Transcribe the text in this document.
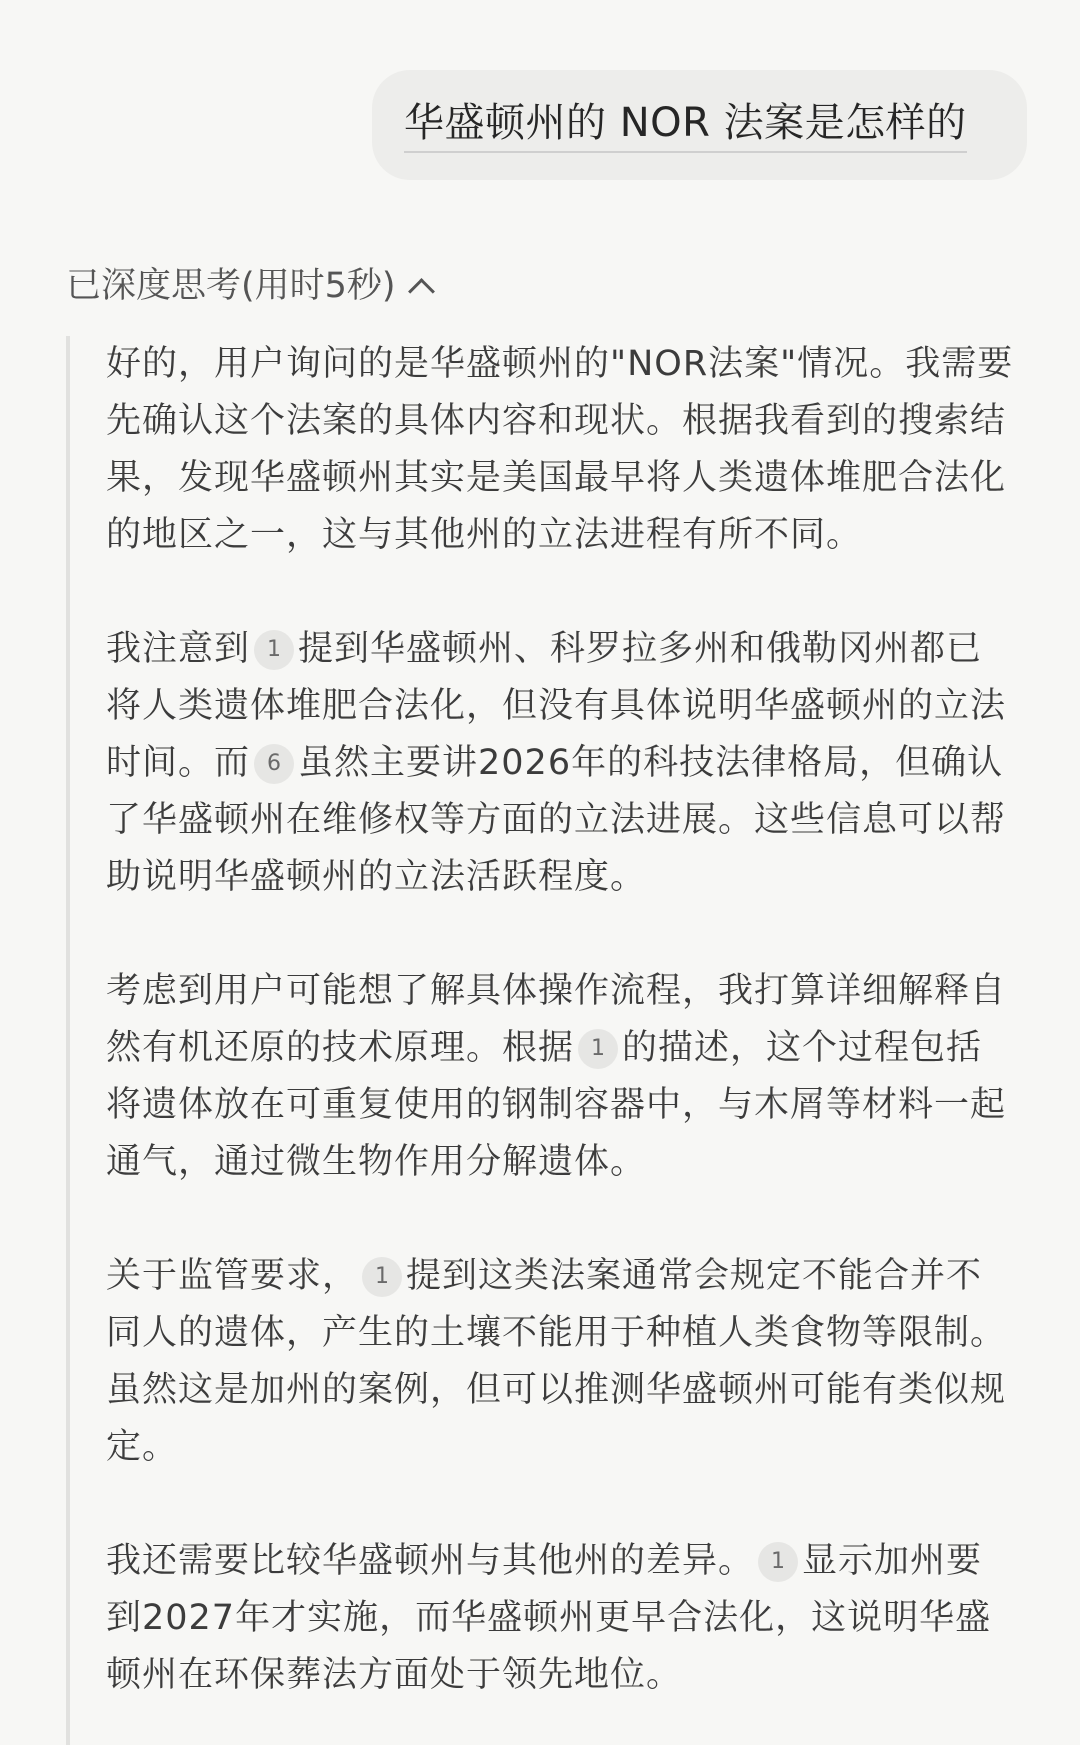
华盛顿州的 NOR 法案是怎样的
已深度思考(用时5秒)

好的，用户询问的是华盛顿州的"NOR法案"情况。我需要先确认这个法案的具体内容和现状。根据我看到的搜索结果，发现华盛顿州其实是美国最早将人类遗体堆肥合法化的地区之一，这与其他州的立法进程有所不同。

我注意到 1 提到华盛顿州、科罗拉多州和俄勒冈州都已将人类遗体堆肥合法化，但没有具体说明华盛顿州的立法时间。而 6 虽然主要讲2026年的科技法律格局，但确认了华盛顿州在维修权等方面的立法进展。这些信息可以帮助说明华盛顿州的立法活跃程度。

考虑到用户可能想了解具体操作流程，我打算详细解释自然有机还原的技术原理。根据 1 的描述，这个过程包括将遗体放在可重复使用的钢制容器中，与木屑等材料一起通气，通过微生物作用分解遗体。

关于监管要求， 1 提到这类法案通常会规定不能合并不同人的遗体，产生的土壤不能用于种植人类食物等限制。虽然这是加州的案例，但可以推测华盛顿州可能有类似规定。

我还需要比较华盛顿州与其他州的差异。 1 显示加州要到2027年才实施，而华盛顿州更早合法化，这说明华盛顿州在环保葬法方面处于领先地位。
